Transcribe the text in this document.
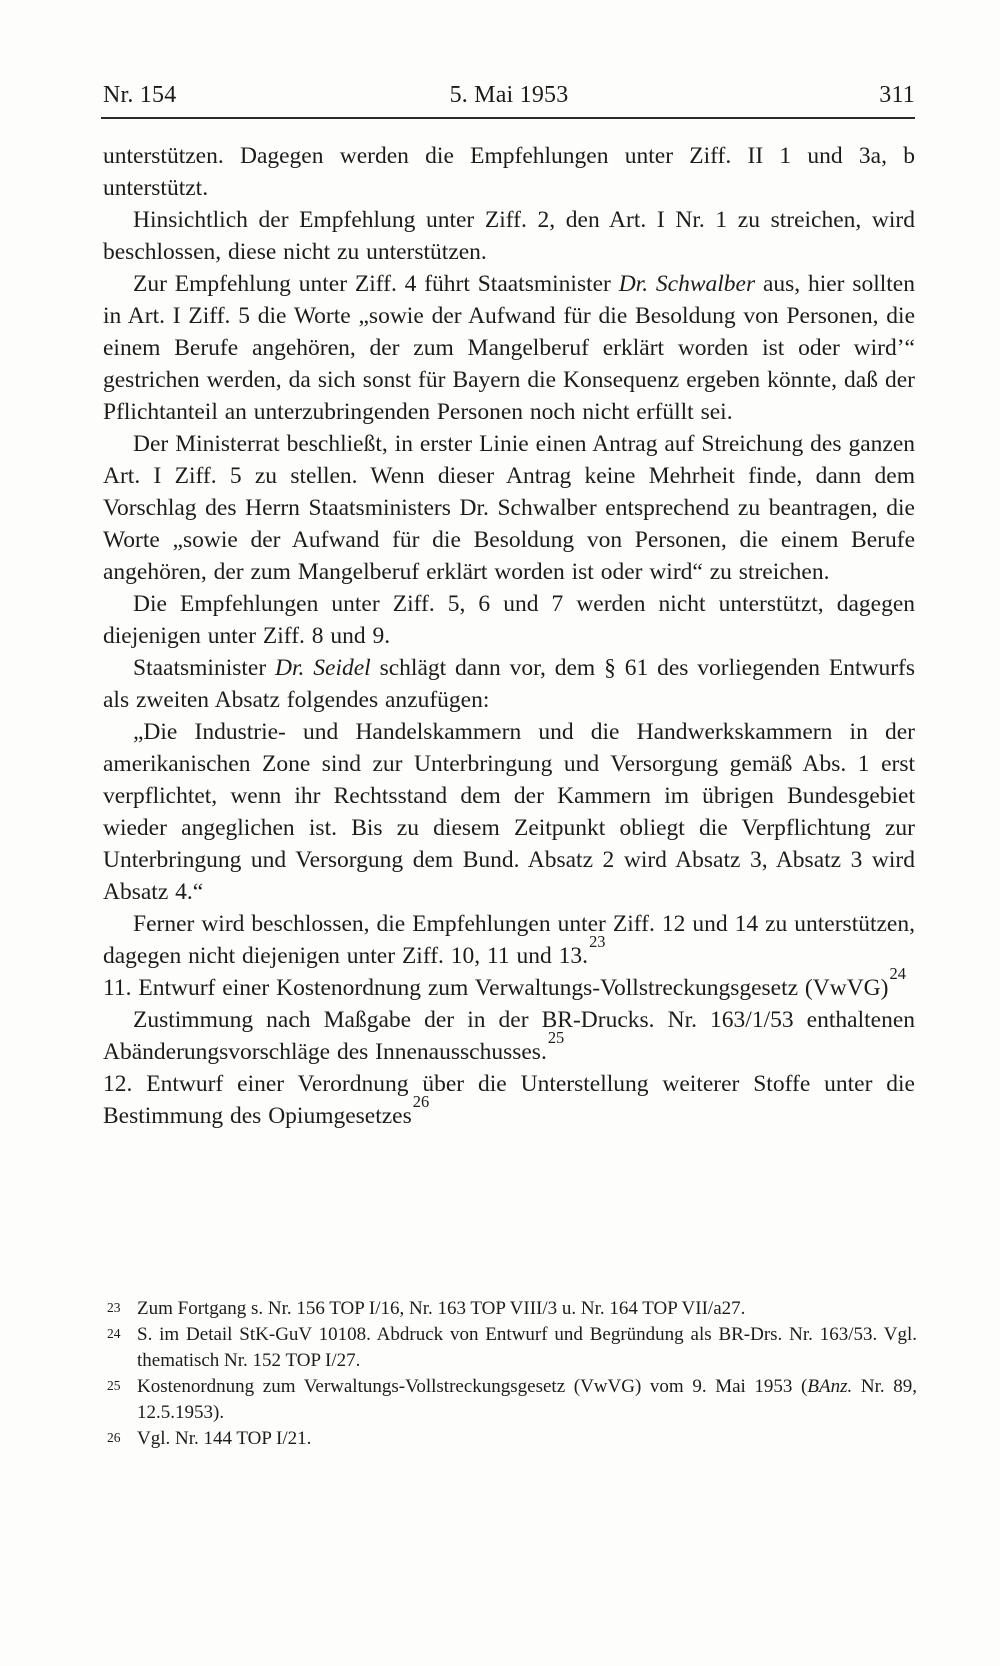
Nr. 154	5. Mai 1953	311

unterstützen. Dagegen werden die Empfehlungen unter Ziff. II 1 und 3a, b unterstützt.

Hinsichtlich der Empfehlung unter Ziff. 2, den Art. I Nr. 1 zu streichen, wird beschlossen, diese nicht zu unterstützen.

Zur Empfehlung unter Ziff. 4 führt Staatsminister Dr. Schwalber aus, hier sollten in Art. I Ziff. 5 die Worte „sowie der Aufwand für die Besoldung von Personen, die einem Berufe angehören, der zum Mangelberuf erklärt worden ist oder wird’“ gestrichen werden, da sich sonst für Bayern die Konsequenz ergeben könnte, daß der Pflichtanteil an unterzubringenden Personen noch nicht erfüllt sei.

Der Ministerrat beschließt, in erster Linie einen Antrag auf Streichung des ganzen Art. I Ziff. 5 zu stellen. Wenn dieser Antrag keine Mehrheit finde, dann dem Vorschlag des Herrn Staatsministers Dr. Schwalber entsprechend zu beantragen, die Worte „sowie der Aufwand für die Besoldung von Personen, die einem Berufe angehören, der zum Mangelberuf erklärt worden ist oder wird“ zu streichen.

Die Empfehlungen unter Ziff. 5, 6 und 7 werden nicht unterstützt, dagegen diejenigen unter Ziff. 8 und 9.

Staatsminister Dr. Seidel schlägt dann vor, dem § 61 des vorliegenden Entwurfs als zweiten Absatz folgendes anzufügen:

„Die Industrie- und Handelskammern und die Handwerkskammern in der amerikanischen Zone sind zur Unterbringung und Versorgung gemäß Abs. 1 erst verpflichtet, wenn ihr Rechtsstand dem der Kammern im übrigen Bundesgebiet wieder angeglichen ist. Bis zu diesem Zeitpunkt obliegt die Verpflichtung zur Unterbringung und Versorgung dem Bund. Absatz 2 wird Absatz 3, Absatz 3 wird Absatz 4.“

Ferner wird beschlossen, die Empfehlungen unter Ziff. 12 und 14 zu unterstützen, dagegen nicht diejenigen unter Ziff. 10, 11 und 13.23

11. Entwurf einer Kostenordnung zum Verwaltungs-Vollstreckungsgesetz (VwVG)$^{24}$

Zustimmung nach Maßgabe der in der BR-Drucks. Nr. 163/1/53 enthaltenen Abänderungsvorschläge des Innenausschusses.$^{25}$

12. Entwurf einer Verordnung über die Unterstellung weiterer Stoffe unter die Bestimmung des Opiumgesetzes$^{26}$

23 Zum Fortgang s. Nr. 156 TOP I/16, Nr. 163 TOP VIII/3 u. Nr. 164 TOP VII/a27.
24 S. im Detail StK-GuV 10108. Abdruck von Entwurf und Begründung als BR-Drs. Nr. 163/53. Vgl. thematisch Nr. 152 TOP I/27.
25 Kostenordnung zum Verwaltungs-Vollstreckungsgesetz (VwVG) vom 9. Mai 1953 (BAnz. Nr. 89, 12.5.1953).
26 Vgl. Nr. 144 TOP I/21.
